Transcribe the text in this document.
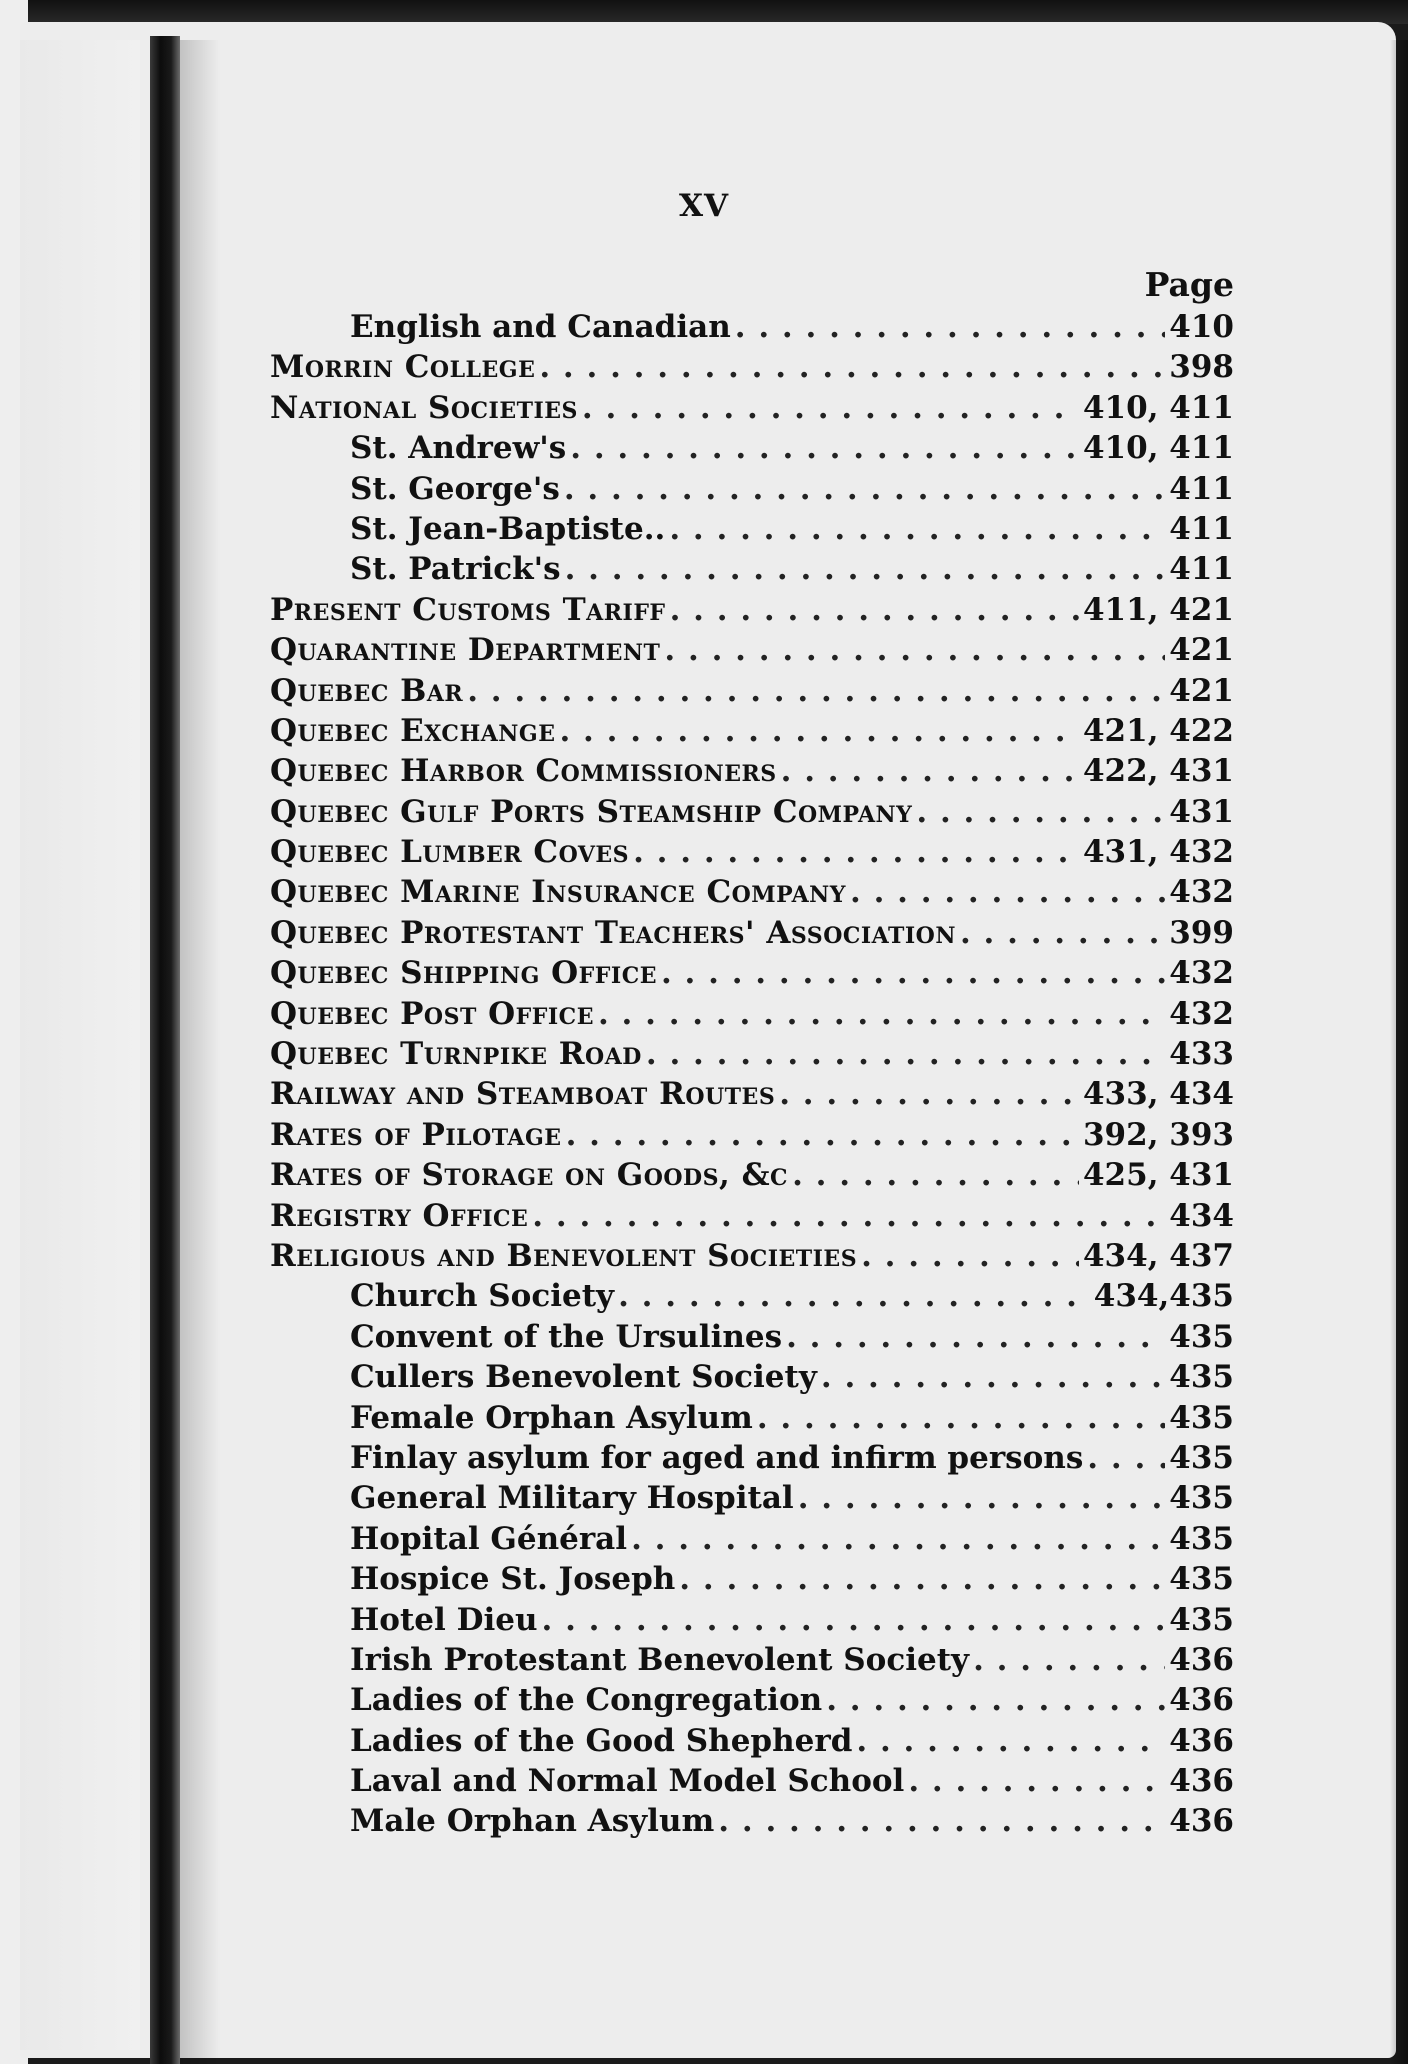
XV
Page
English and Canadian . . .	410
Morrin College . . .	398
National Societies . . .	410, 411
St. Andrew's . . .	410, 411
St. George's . . .	411
St. Jean-Baptiste.. . . .	411
St. Patrick's . . .	411
Present Customs Tariff . . .	411, 421
Quarantine Department . . .	421
Quebec Bar . . .	421
Quebec Exchange . . .	421, 422
Quebec Harbor Commissioners . . .	422, 431
Quebec Gulf Ports Steamship Company . . .	431
Quebec Lumber Coves . . .	431, 432
Quebec Marine Insurance Company . . .	432
Quebec Protestant Teachers' Association . . .	399
Quebec Shipping Office . . .	432
Quebec Post Office . . .	432
Quebec Turnpike Road . . .	433
Railway and Steamboat Routes . . .	433, 434
Rates of Pilotage . . .	392, 393
Rates of Storage on Goods, &c . . .	425, 431
Registry Office . . .	434
Religious and Benevolent Societies . . .	434, 437
Church Society . . .	434,435
Convent of the Ursulines . . .	435
Cullers Benevolent Society . . .	435
Female Orphan Asylum . . .	435
Finlay asylum for aged and infirm persons . . .	435
General Military Hospital . . .	435
Hopital Général . . .	435
Hospice St. Joseph . . .	435
Hotel Dieu . . .	435
Irish Protestant Benevolent Society . . .	436
Ladies of the Congregation . . .	436
Ladies of the Good Shepherd . . .	436
Laval and Normal Model School . . .	436
Male Orphan Asylum . . .	436
